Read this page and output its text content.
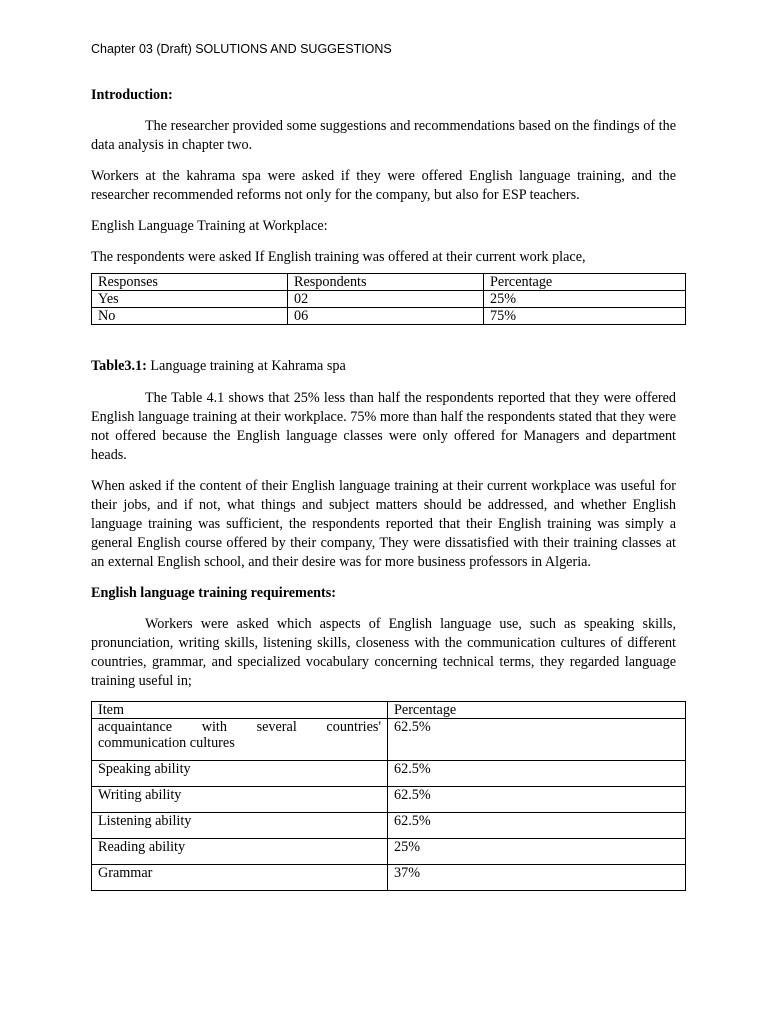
Chapter 03 (Draft) SOLUTIONS AND SUGGESTIONS

Introduction:

The researcher provided some suggestions and recommendations based on the findings of the data analysis in chapter two.

Workers at the kahrama spa were asked if they were offered English language training, and the researcher recommended reforms not only for the company, but also for ESP teachers.

English Language Training at Workplace:

The respondents were asked If English training was offered at their current work place,

Responses	Respondents	Percentage
Yes	02	25%
No	06	75%

Table3.1: Language training at Kahrama spa

The Table 4.1 shows that 25% less than half the respondents reported that they were offered English language training at their workplace. 75% more than half the respondents stated that they were not offered because the English language classes were only offered for Managers and department heads.

When asked if the content of their English language training at their current workplace was useful for their jobs, and if not, what things and subject matters should be addressed, and whether English language training was sufficient, the respondents reported that their English training was simply a general English course offered by their company, They were dissatisfied with their training classes at an external English school, and their desire was for more business professors in Algeria.

English language training requirements:

Workers were asked which aspects of English language use, such as speaking skills, pronunciation, writing skills, listening skills, closeness with the communication cultures of different countries, grammar, and specialized vocabulary concerning technical terms, they regarded language training useful in;

Item	Percentage
acquaintance with several countries' communication cultures	62.5%
Speaking ability	62.5%
Writing ability	62.5%
Listening ability	62.5%
Reading ability	25%
Grammar	37%
